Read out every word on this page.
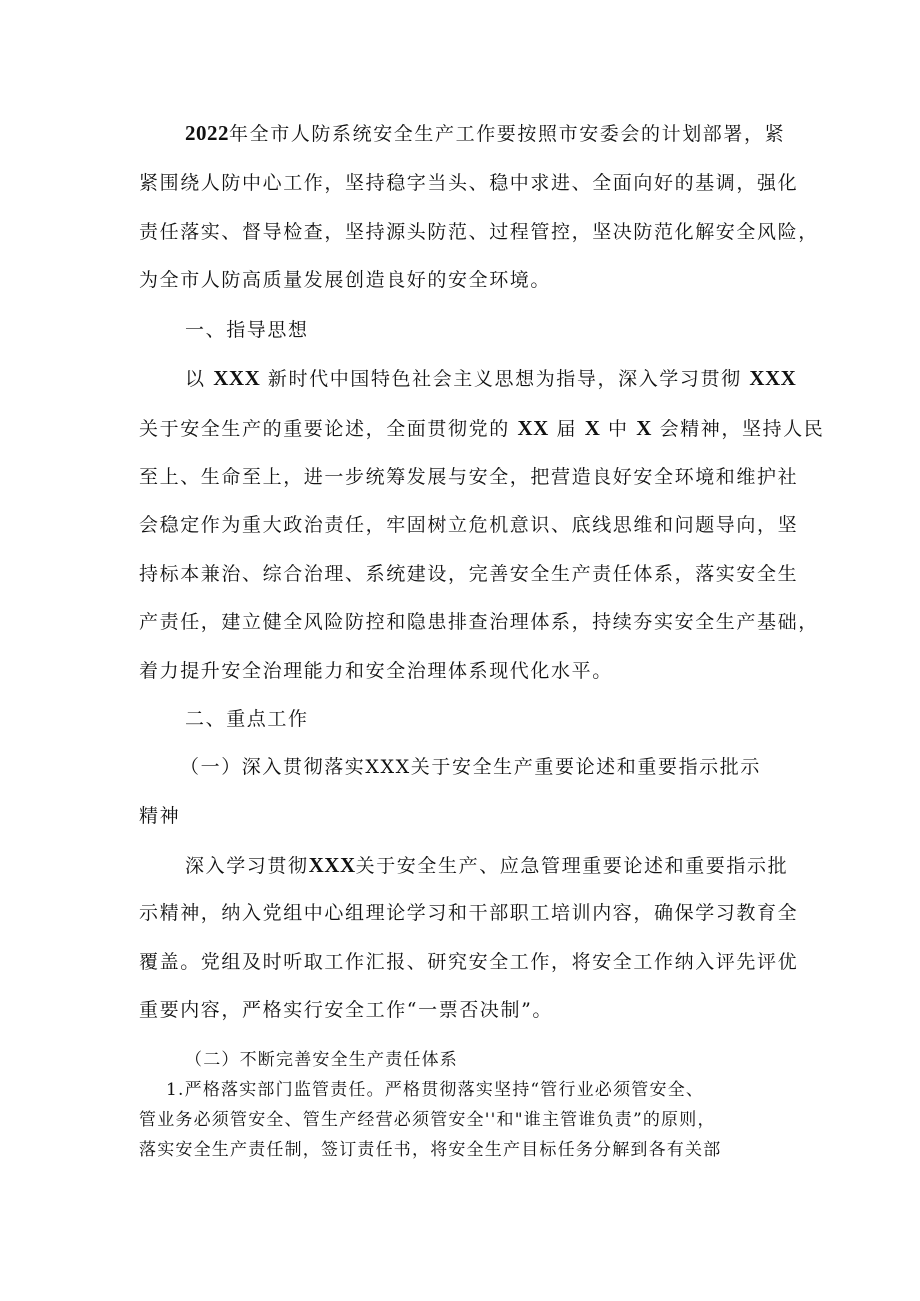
2022年全市人防系统安全生产工作要按照市安委会的计划部署，紧
紧围绕人防中心工作，坚持稳字当头、稳中求进、全面向好的基调，强化
责任落实、督导检查，坚持源头防范、过程管控，坚决防范化解安全风险，
为全市人防高质量发展创造良好的安全环境。
一、指导思想
以 XXX 新时代中国特色社会主义思想为指导，深入学习贯彻 XXX
关于安全生产的重要论述，全面贯彻党的 XX 届 X 中 X 会精神，坚持人民
至上、生命至上，进一步统筹发展与安全，把营造良好安全环境和维护社
会稳定作为重大政治责任，牢固树立危机意识、底线思维和问题导向，坚
持标本兼治、综合治理、系统建设，完善安全生产责任体系，落实安全生
产责任，建立健全风险防控和隐患排查治理体系，持续夯实安全生产基础，
着力提升安全治理能力和安全治理体系现代化水平。
二、重点工作
（一）深入贯彻落实XXX关于安全生产重要论述和重要指示批示
精神
深入学习贯彻XXX关于安全生产、应急管理重要论述和重要指示批
示精神，纳入党组中心组理论学习和干部职工培训内容，确保学习教育全
覆盖。党组及时听取工作汇报、研究安全工作，将安全工作纳入评先评优
重要内容，严格实行安全工作“一票否决制”。
（二）不断完善安全生产责任体系
1.严格落实部门监管责任。严格贯彻落实坚持“管行业必须管安全、
管业务必须管安全、管生产经营必须管安全''和"谁主管谁负责”的原则，
落实安全生产责任制，签订责任书，将安全生产目标任务分解到各有关部
